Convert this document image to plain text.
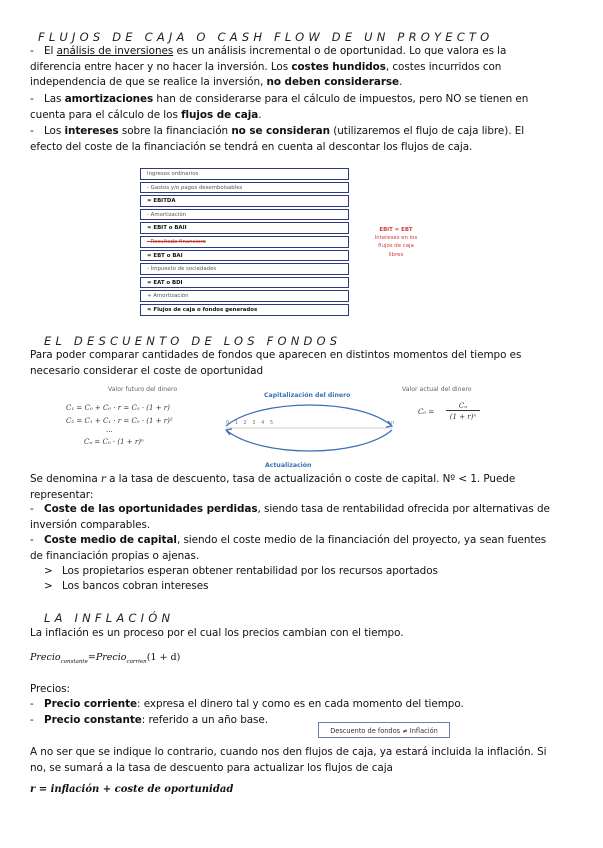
FLUJOS DE CAJA O CASH FLOW DE UN PROYECTO
- El análisis de inversiones es un análisis incremental o de oportunidad. Lo que valora es la diferencia entre hacer y no hacer la inversión. Los costes hundidos, costes incurridos con independencia de que se realice la inversión, no deben considerarse.
- Las amortizaciones han de considerarse para el cálculo de impuestos, pero NO se tienen en cuenta para el cálculo de los flujos de caja.
- Los intereses sobre la financiación no se consideran (utilizaremos el flujo de caja libre). El efecto del coste de la financiación se tendrá en cuenta al descontar los flujos de caja.
Ingresos ordinarios
- Gastos y/o pagos desembolsables
= EBITDA
- Amortización
= EBIT o BAII
- Resultado financiero
= EBT o BAI
- Impuesto de sociedades
= EAT o BDI
+ Amortización
= Flujos de caja o fondos generados
EBIT = EBT
Intereses en los
flujos de caja
libres
EL DESCUENTO DE LOS FONDOS
Para poder comparar cantidades de fondos que aparecen en distintos momentos del tiempo es necesario considerar el coste de oportunidad
Valor futuro del dinero
C₁ = C₀ + C₀ · r = C₀ · (1 + r)
C₂ = C₁ + C₁ · r = C₀ · (1 + r)²
...
Cₙ = C₀ · (1 + r)ⁿ
Capitalización del dinero
0 1 2 3 4 5	n
Actualización
Valor actual del dinero
C₀ =
Cₙ
(1 + r)ⁿ
Se denomina r a la tasa de descuento, tasa de actualización o coste de capital. Nº < 1. Puede representar:
- Coste de las oportunidades perdidas, siendo tasa de rentabilidad ofrecida por alternativas de inversión comparables.
- Coste medio de capital, siendo el coste medio de la financiación del proyecto, ya sean fuentes de financiación propias o ajenas.
> Los propietarios esperan obtener rentabilidad por los recursos aportados
> Los bancos cobran intereses
LA INFLACIÓN
La inflación es un proceso por el cual los precios cambian con el tiempo.
Precio$_{constante}$=Precio$_{corrien}$(1 + d)
Precios:
- Precio corriente: expresa el dinero tal y como es en cada momento del tiempo.
- Precio constante: referido a un año base.
Descuento de fondos ≠ Inflación
A no ser que se indique lo contrario, cuando nos den flujos de caja, ya estará incluida la inflación. Si no, se sumará a la tasa de descuento para actualizar los flujos de caja
r = inflación + coste de oportunidad
